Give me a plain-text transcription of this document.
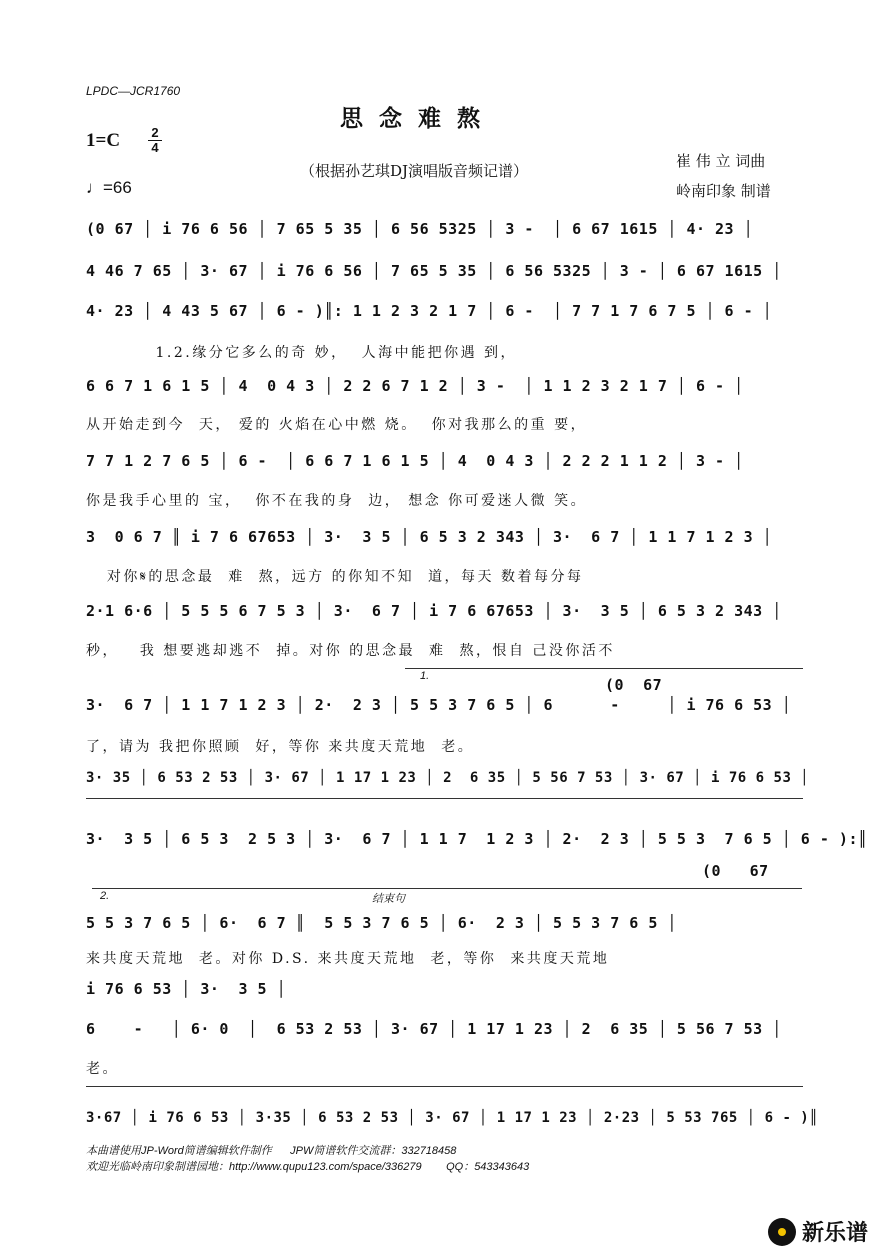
LPDC—JCR1760
思念难熬
（根据孙艺琪DJ演唱版音频记谱）
$1=C \frac{2}{4}$
♩=66
崔 伟 立 词曲
岭南印象 制谱
(0 67 │ i 76 6 56 │ 7 65 5 35 │ 6 56 5325 │ 3 -  │ 6 67 1615 │ 4· 23 │
4 46 7 65 │ 3· 67 │ i 76 6 56 │ 7 65 5 35 │ 6 56 5325 │ 3 - │ 6 67 1615 │
4· 23 │ 4 43 5 67 │ 6 - )║: 1 1 2 3 2 1 7 │ 6 -  │ 7 7 1 7 6 7 5 │ 6 - │
1.2.缘分它多么的奇 妙，  人海中能把你遇 到，
6 6 7 1 6 1 5 │ 4  0 4 3 │ 2 2 6 7 1 2 │ 3 -  │ 1 1 2 3 2 1 7 │ 6 - │
从开始走到今  天， 爱的 火焰在心中燃 烧。  你对我那么的重 要，
7 7 1 2 7 6 5 │ 6 -  │ 6 6 7 1 6 1 5 │ 4  0 4 3 │ 2 2 2 1 1 2 │ 3 - │
你是我手心里的 宝，  你不在我的身  边， 想念 你可爱迷人微 笑。
3  0 6 7 ║ i 7 6 67653 │ 3·  3 5 │ 6 5 3 2 343 │ 3·  6 7 │ 1 1 7 1 2 3 │
对你𝄋的思念最  难  熬，远方 的你知不知  道，每天 数着每分每
2·1 6·6 │ 5 5 5 6 7 5 3 │ 3·  6 7 │ i 7 6 67653 │ 3·  3 5 │ 6 5 3 2 343 │
秒，   我 想要逃却逃不  掉。对你 的思念最  难  熬，恨自 己没你活不
1.	(0  67
3·  6 7 │ 1 1 7 1 2 3 │ 2·  2 3 │ 5 5 3 7 6 5 │ 6      -     │ i 76 6 53 │
了，请为 我把你照顾  好，等你 来共度天荒地  老。
3· 35 │ 6 53 2 53 │ 3· 67 │ 1 17 1 23 │ 2  6 35 │ 5 56 7 53 │ 3· 67 │ i 76 6 53 │
3·  3 5 │ 6 5 3  2 5 3 │ 3·  6 7 │ 1 1 7  1 2 3 │ 2·  2 3 │ 5 5 3  7 6 5 │ 6 - ):║
(0   67
2.	结束句
5 5 3 7 6 5 │ 6·  6 7 ║  5 5 3 7 6 5 │ 6·  2 3 │ 5 5 3 7 6 5 │
来共度天荒地  老。对你 D.S. 来共度天荒地  老，等你  来共度天荒地
i 76 6 53 │ 3·  3 5 │
6    -   │ 6· 0  │  6 53 2 53 │ 3· 67 │ 1 17 1 23 │ 2  6 35 │ 5 56 7 53 │
老。
3·67 │ i 76 6 53 │ 3·35 │ 6 53 2 53 │ 3· 67 │ 1 17 1 23 │ 2·23 │ 5 53 765 │ 6 - )║
本曲谱使用JP-Word简谱编辑软件制作      JPW简谱软件交流群：332718458
欢迎光临岭南印象制谱园地：http://www.qupu123.com/space/336279        QQ：543343643
新乐谱
